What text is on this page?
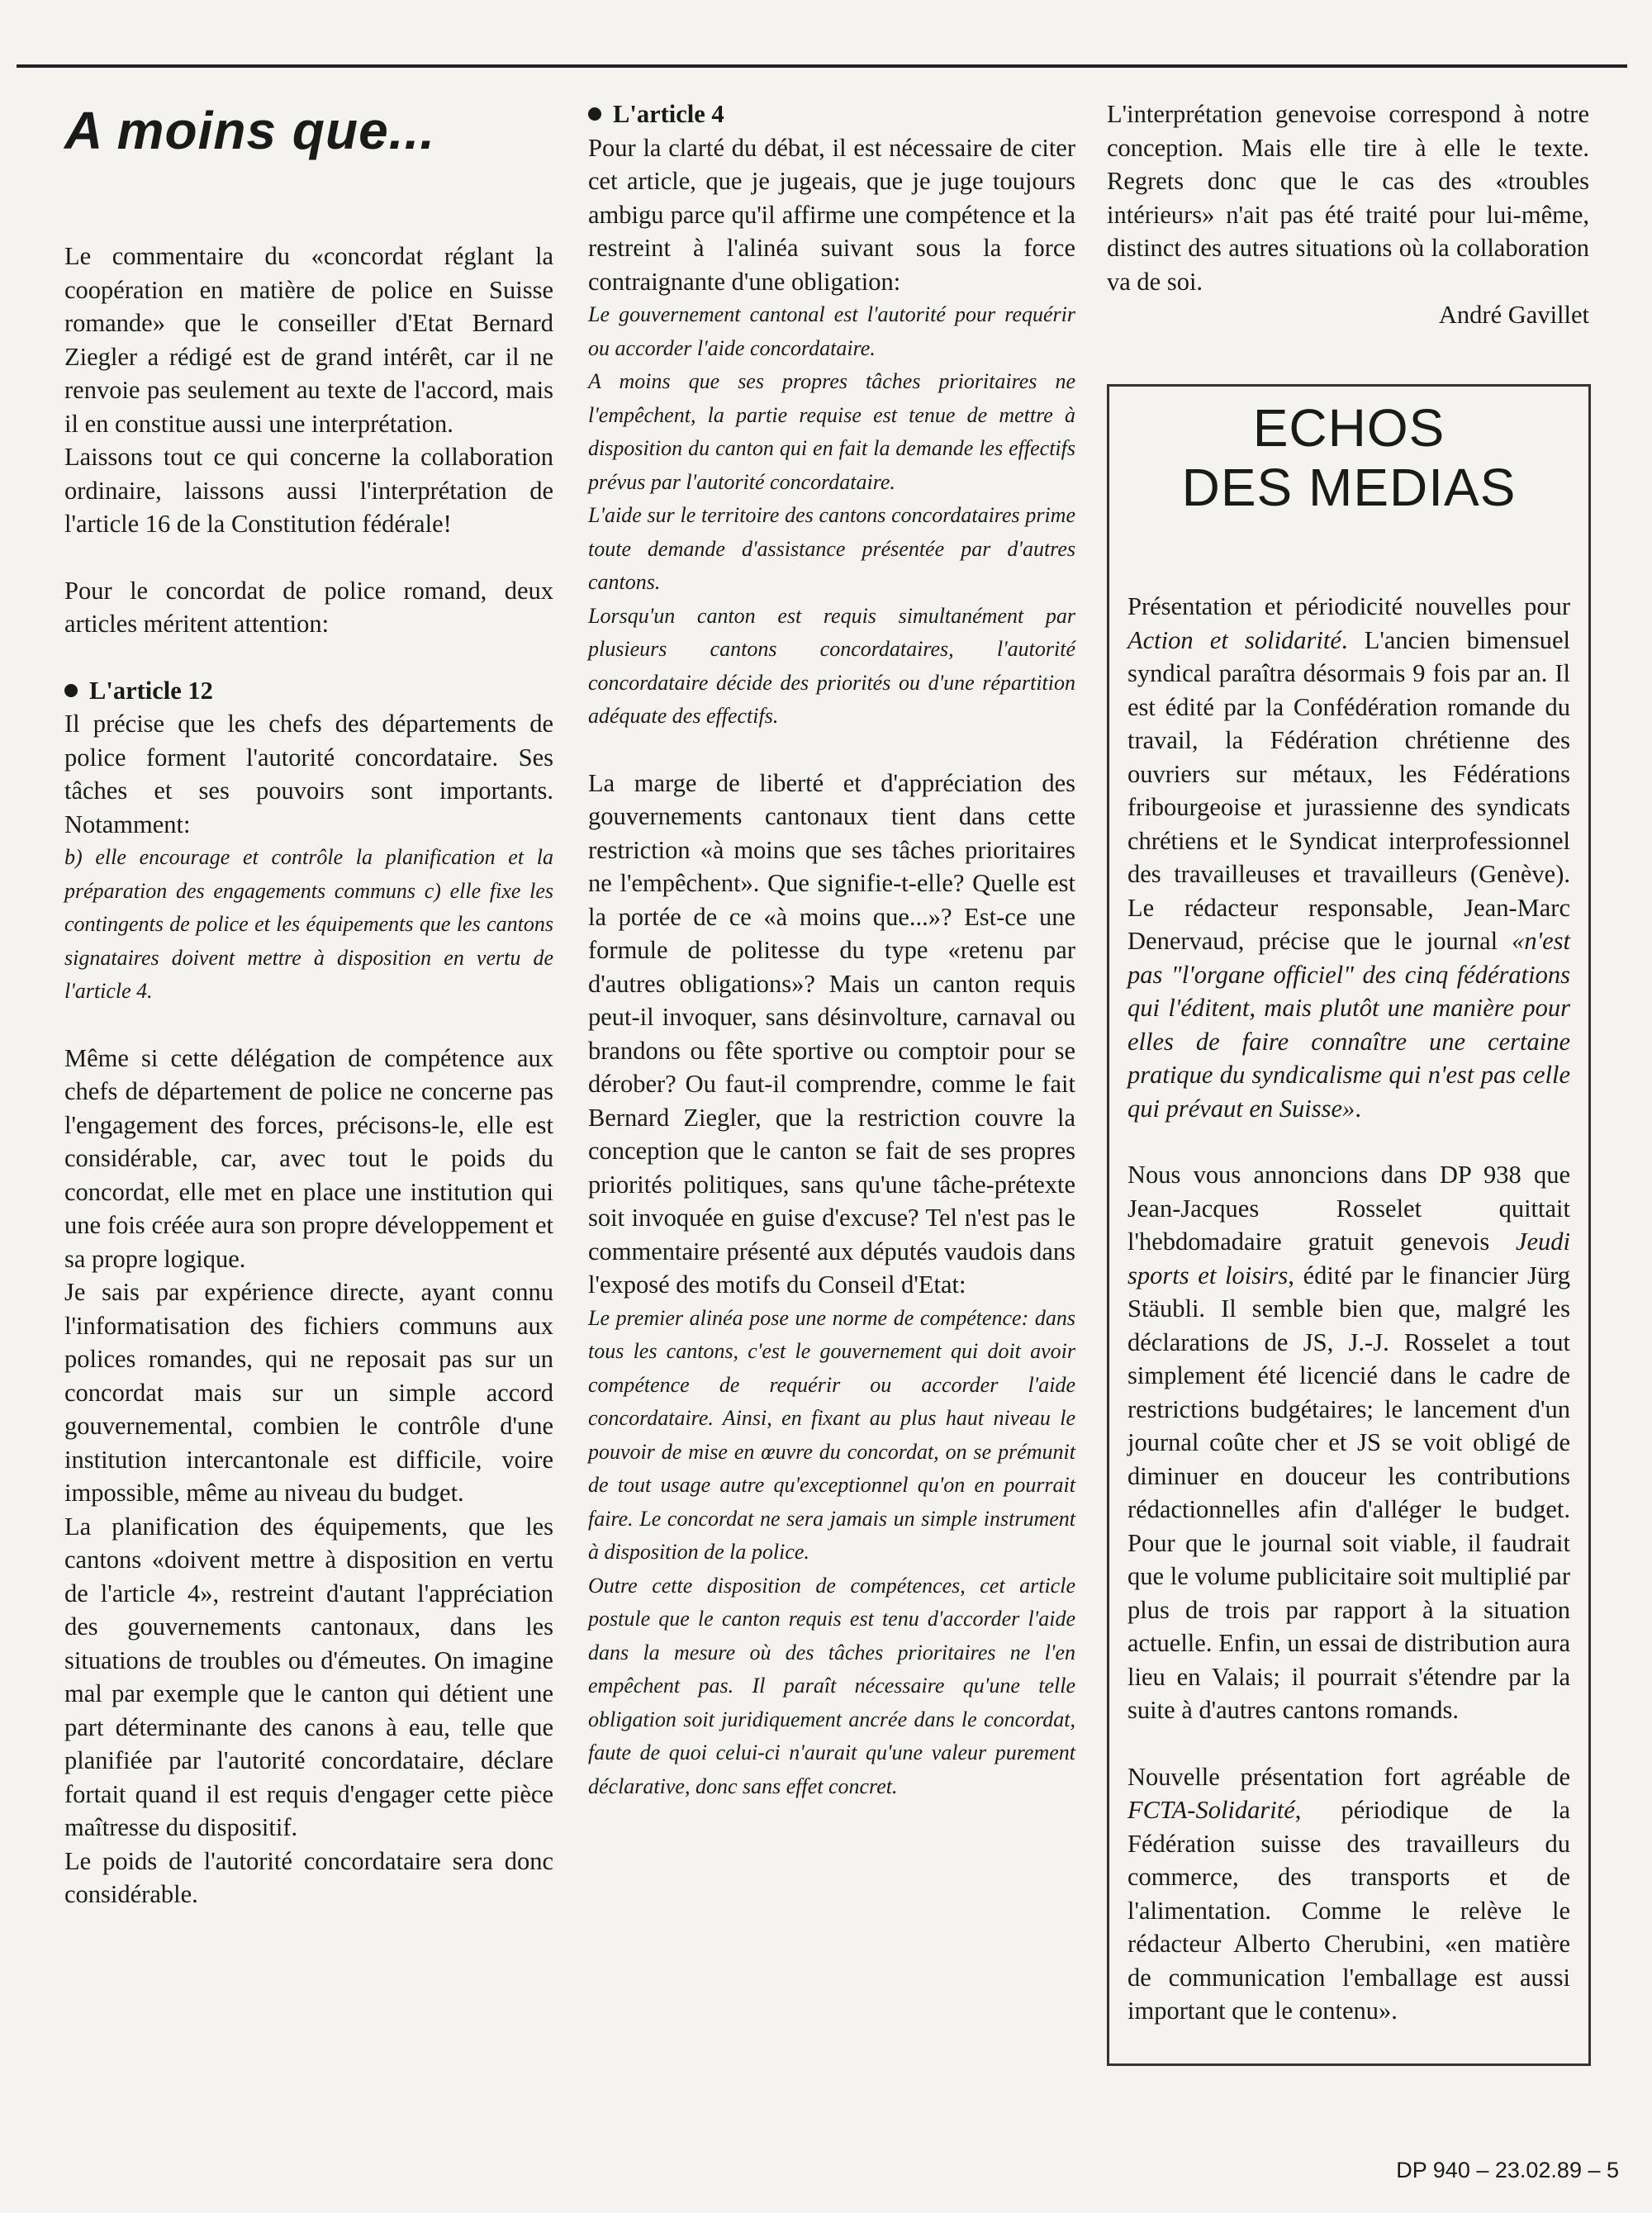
A moins que...

Le commentaire du «concordat réglant la coopération en matière de police en Suisse romande» que le conseiller d'Etat Bernard Ziegler a rédigé est de grand intérêt, car il ne renvoie pas seulement au texte de l'accord, mais il en constitue aussi une interprétation.

Laissons tout ce qui concerne la collaboration ordinaire, laissons aussi l'interprétation de l'article 16 de la Constitution fédérale!

Pour le concordat de police romand, deux articles méritent attention:

L'article 12

Il précise que les chefs des départements de police forment l'autorité concordataire. Ses tâches et ses pouvoirs sont importants. Notamment:

b) elle encourage et contrôle la planification et la préparation des engagements communs c) elle fixe les contingents de police et les équipements que les cantons signataires doivent mettre à disposition en vertu de l'article 4.

Même si cette délégation de compétence aux chefs de département de police ne concerne pas l'engagement des forces, précisons-le, elle est considérable, car, avec tout le poids du concordat, elle met en place une institution qui une fois créée aura son propre développement et sa propre logique.

Je sais par expérience directe, ayant connu l'informatisation des fichiers communs aux polices romandes, qui ne reposait pas sur un concordat mais sur un simple accord gouvernemental, combien le contrôle d'une institution intercantonale est difficile, voire impossible, même au niveau du budget.

La planification des équipements, que les cantons «doivent mettre à disposition en vertu de l'article 4», restreint d'autant l'appréciation des gouvernements cantonaux, dans les situations de troubles ou d'émeutes. On imagine mal par exemple que le canton qui détient une part déterminante des canons à eau, telle que planifiée par l'autorité concordataire, déclare fortait quand il est requis d'engager cette pièce maîtresse du dispositif.

Le poids de l'autorité concordataire sera donc considérable.

L'article 4

Pour la clarté du débat, il est nécessaire de citer cet article, que je jugeais, que je juge toujours ambigu parce qu'il affirme une compétence et la restreint à l'alinéa suivant sous la force contraignante d'une obligation:

Le gouvernement cantonal est l'autorité pour requérir ou accorder l'aide concordataire.

A moins que ses propres tâches prioritaires ne l'empêchent, la partie requise est tenue de mettre à disposition du canton qui en fait la demande les effectifs prévus par l'autorité concordataire.

L'aide sur le territoire des cantons concordataires prime toute demande d'assistance présentée par d'autres cantons.

Lorsqu'un canton est requis simultanément par plusieurs cantons concordataires, l'autorité concordataire décide des priorités ou d'une répartition adéquate des effectifs.

La marge de liberté et d'appréciation des gouvernements cantonaux tient dans cette restriction «à moins que ses tâches prioritaires ne l'empêchent». Que signifie-t-elle? Quelle est la portée de ce «à moins que...»? Est-ce une formule de politesse du type «retenu par d'autres obligations»? Mais un canton requis peut-il invoquer, sans désinvolture, carnaval ou brandons ou fête sportive ou comptoir pour se dérober? Ou faut-il comprendre, comme le fait Bernard Ziegler, que la restriction couvre la conception que le canton se fait de ses propres priorités politiques, sans qu'une tâche-prétexte soit invoquée en guise d'excuse? Tel n'est pas le commentaire présenté aux députés vaudois dans l'exposé des motifs du Conseil d'Etat:

Le premier alinéa pose une norme de compétence: dans tous les cantons, c'est le gouvernement qui doit avoir compétence de requérir ou accorder l'aide concordataire. Ainsi, en fixant au plus haut niveau le pouvoir de mise en œuvre du concordat, on se prémunit de tout usage autre qu'exceptionnel qu'on en pourrait faire. Le concordat ne sera jamais un simple instrument à disposition de la police.

Outre cette disposition de compétences, cet article postule que le canton requis est tenu d'accorder l'aide dans la mesure où des tâches prioritaires ne l'en empêchent pas. Il paraît nécessaire qu'une telle obligation soit juridiquement ancrée dans le concordat, faute de quoi celui-ci n'aurait qu'une valeur purement déclarative, donc sans effet concret.

L'interprétation genevoise correspond à notre conception. Mais elle tire à elle le texte. Regrets donc que le cas des «troubles intérieurs» n'ait pas été traité pour lui-même, distinct des autres situations où la collaboration va de soi.

André Gavillet

ECHOS
DES MEDIAS

Présentation et périodicité nouvelles pour Action et solidarité. L'ancien bimensuel syndical paraîtra désormais 9 fois par an. Il est édité par la Confédération romande du travail, la Fédération chrétienne des ouvriers sur métaux, les Fédérations fribourgeoise et jurassienne des syndicats chrétiens et le Syndicat interprofessionnel des travailleuses et travailleurs (Genève). Le rédacteur responsable, Jean-Marc Denervaud, précise que le journal «n'est pas "l'organe officiel" des cinq fédérations qui l'éditent, mais plutôt une manière pour elles de faire connaître une certaine pratique du syndicalisme qui n'est pas celle qui prévaut en Suisse».

Nous vous annoncions dans DP 938 que Jean-Jacques Rosselet quittait l'hebdomadaire gratuit genevois Jeudi sports et loisirs, édité par le financier Jürg Stäubli. Il semble bien que, malgré les déclarations de JS, J.-J. Rosselet a tout simplement été licencié dans le cadre de restrictions budgétaires; le lancement d'un journal coûte cher et JS se voit obligé de diminuer en douceur les contributions rédactionnelles afin d'alléger le budget. Pour que le journal soit viable, il faudrait que le volume publicitaire soit multiplié par plus de trois par rapport à la situation actuelle. Enfin, un essai de distribution aura lieu en Valais; il pourrait s'étendre par la suite à d'autres cantons romands.

Nouvelle présentation fort agréable de FCTA-Solidarité, périodique de la Fédération suisse des travailleurs du commerce, des transports et de l'alimentation. Comme le relève le rédacteur Alberto Cherubini, «en matière de communication l'emballage est aussi important que le contenu».

DP 940 – 23.02.89 – 5
